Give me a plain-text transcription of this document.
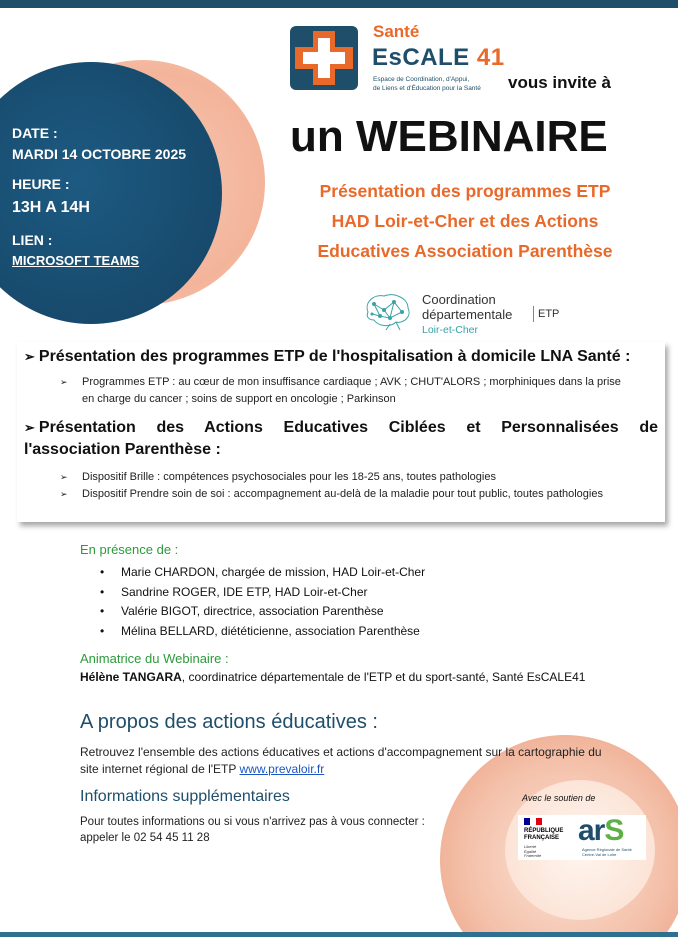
DATE :
MARDI 14 OCTOBRE 2025
HEURE :
13H A 14H
LIEN :
MICROSOFT TEAMS
Santé
EsCALE 41
Espace de Coordination, d'Appui,
de Liens et d'Éducation pour la Santé vous invite à
un WEBINAIRE
Présentation des programmes ETP
HAD Loir-et-Cher et des Actions
Educatives Association Parenthèse
Coordination
départementale ETP
Loir-et-Cher
➢ Présentation des programmes ETP de l'hospitalisation à domicile LNA Santé :
➢ Programmes ETP : au cœur de mon insuffisance cardiaque ; AVK ; CHUT'ALORS ; morphiniques dans la prise
en charge du cancer ; soins de support en oncologie ; Parkinson
➢ Présentation des Actions Educatives Ciblées et Personnalisées de
l'association Parenthèse :
➢ Dispositif Brille : compétences psychosociales pour les 18-25 ans, toutes pathologies
➢ Dispositif Prendre soin de soi : accompagnement au-delà de la maladie pour tout public, toutes pathologies
En présence de :
• Marie CHARDON, chargée de mission, HAD Loir-et-Cher
• Sandrine ROGER, IDE ETP, HAD Loir-et-Cher
• Valérie BIGOT, directrice, association Parenthèse
• Mélina BELLARD, diététicienne, association Parenthèse
Animatrice du Webinaire :
Hélène TANGARA, coordinatrice départementale de l'ETP et du sport-santé, Santé EsCALE41
A propos des actions éducatives :
Retrouvez l'ensemble des actions éducatives et actions d'accompagnement sur la cartographie du
site internet régional de l'ETP www.prevaloir.fr
Informations supplémentaires
Pour toutes informations ou si vous n'arrivez pas à vous connecter :
appeler le 02 54 45 11 28
Avec le soutien de
RÉPUBLIQUE
FRANÇAISE
Liberté
Égalité
Fraternité
arS
Agence Régionale de Santé
Centre-Val de Loire
